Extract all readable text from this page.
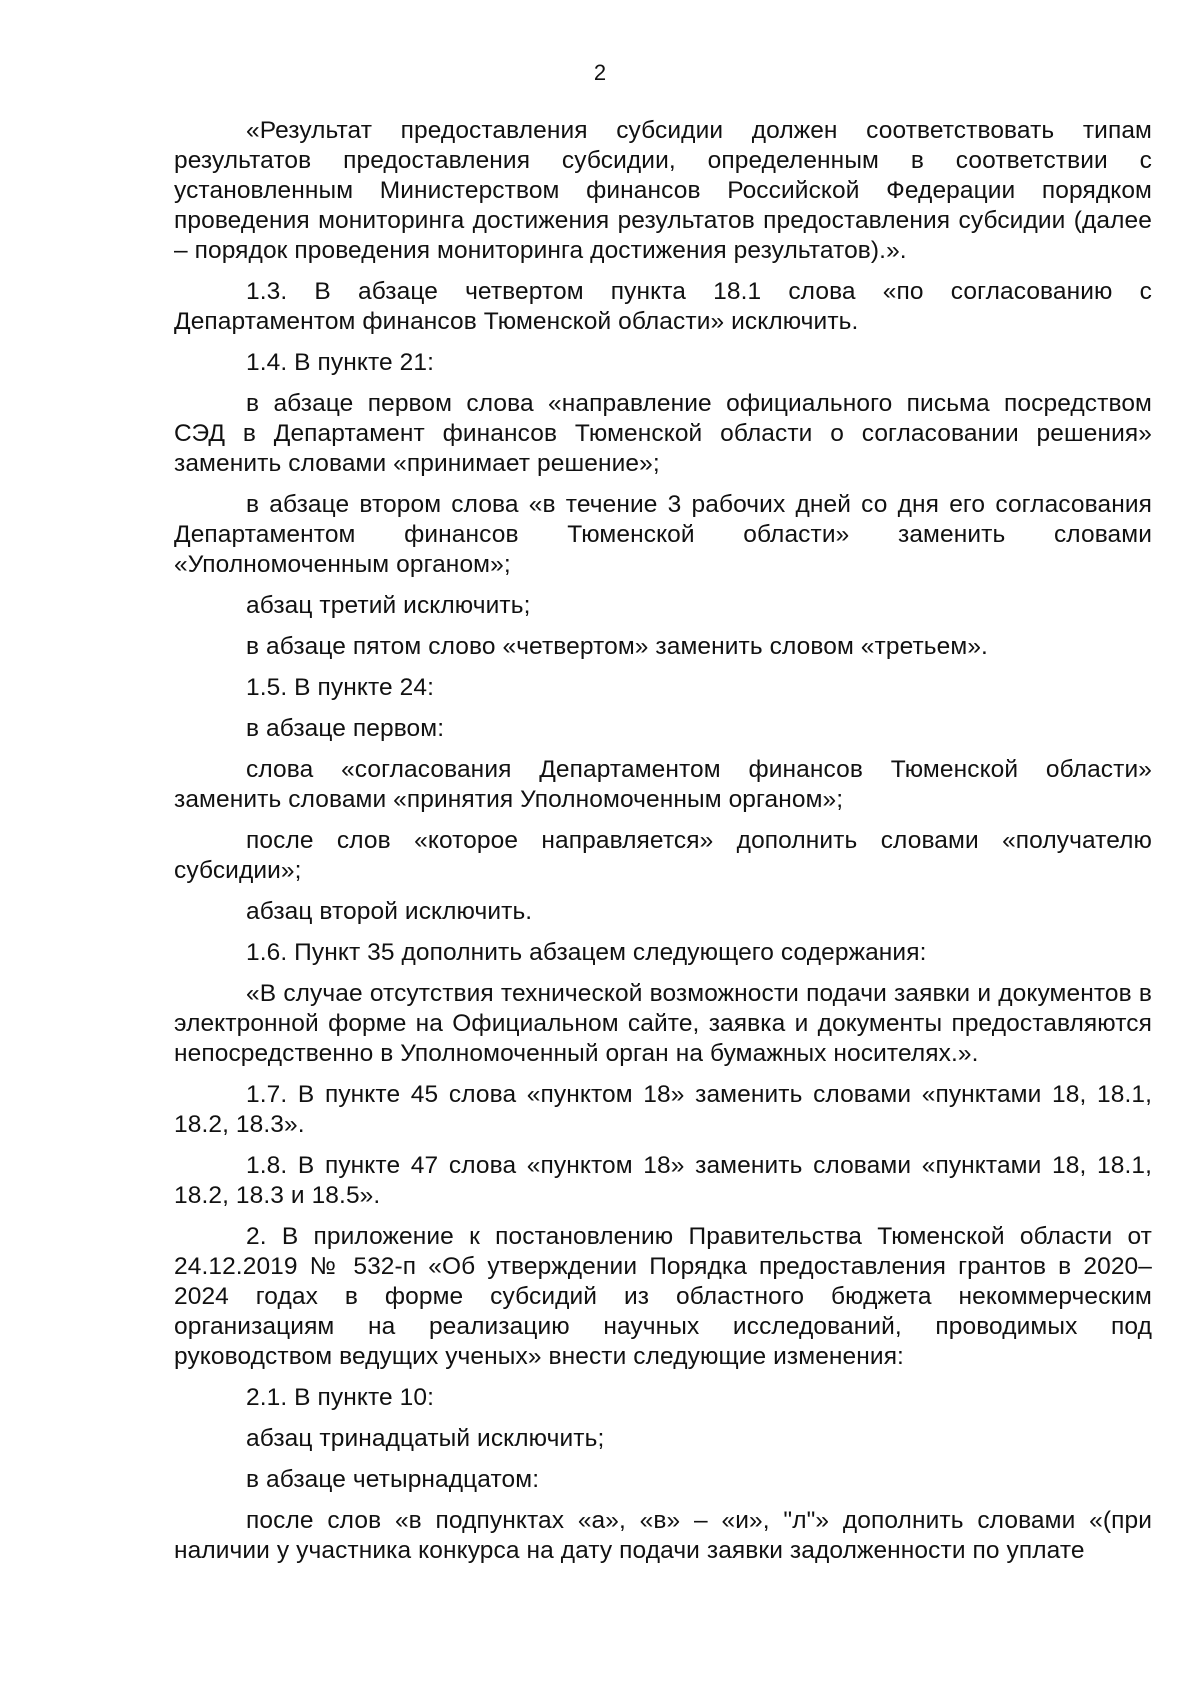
2

«Результат предоставления субсидии должен соответствовать типам результатов предоставления субсидии, определенным в соответствии с установленным Министерством финансов Российской Федерации порядком проведения мониторинга достижения результатов предоставления субсидии (далее – порядок проведения мониторинга достижения результатов).».

1.3. В абзаце четвертом пункта 18.1 слова «по согласованию с Департаментом финансов Тюменской области» исключить.

1.4. В пункте 21:

в абзаце первом слова «направление официального письма посредством СЭД в Департамент финансов Тюменской области о согласовании решения» заменить словами «принимает решение»;

в абзаце втором слова «в течение 3 рабочих дней со дня его согласования Департаментом финансов Тюменской области» заменить словами «Уполномоченным органом»;

абзац третий исключить;

в абзаце пятом слово «четвертом» заменить словом «третьем».

1.5. В пункте 24:

в абзаце первом:

слова «согласования Департаментом финансов Тюменской области» заменить словами «принятия Уполномоченным органом»;

после слов «которое направляется» дополнить словами «получателю субсидии»;

абзац второй исключить.

1.6. Пункт 35 дополнить абзацем следующего содержания:

«В случае отсутствия технической возможности подачи заявки и документов в электронной форме на Официальном сайте, заявка и документы предоставляются непосредственно в Уполномоченный орган на бумажных носителях.».

1.7. В пункте 45 слова «пунктом 18» заменить словами «пунктами 18, 18.1, 18.2, 18.3».

1.8. В пункте 47 слова «пунктом 18» заменить словами «пунктами 18, 18.1, 18.2, 18.3 и 18.5».

2. В приложение к постановлению Правительства Тюменской области от 24.12.2019 № 532-п «Об утверждении Порядка предоставления грантов в 2020–2024 годах в форме субсидий из областного бюджета некоммерческим организациям на реализацию научных исследований, проводимых под руководством ведущих ученых» внести следующие изменения:

2.1. В пункте 10:

абзац тринадцатый исключить;

в абзаце четырнадцатом:

после слов «в подпунктах «а», «в» – «и», "л"» дополнить словами «(при наличии у участника конкурса на дату подачи заявки задолженности по уплате
